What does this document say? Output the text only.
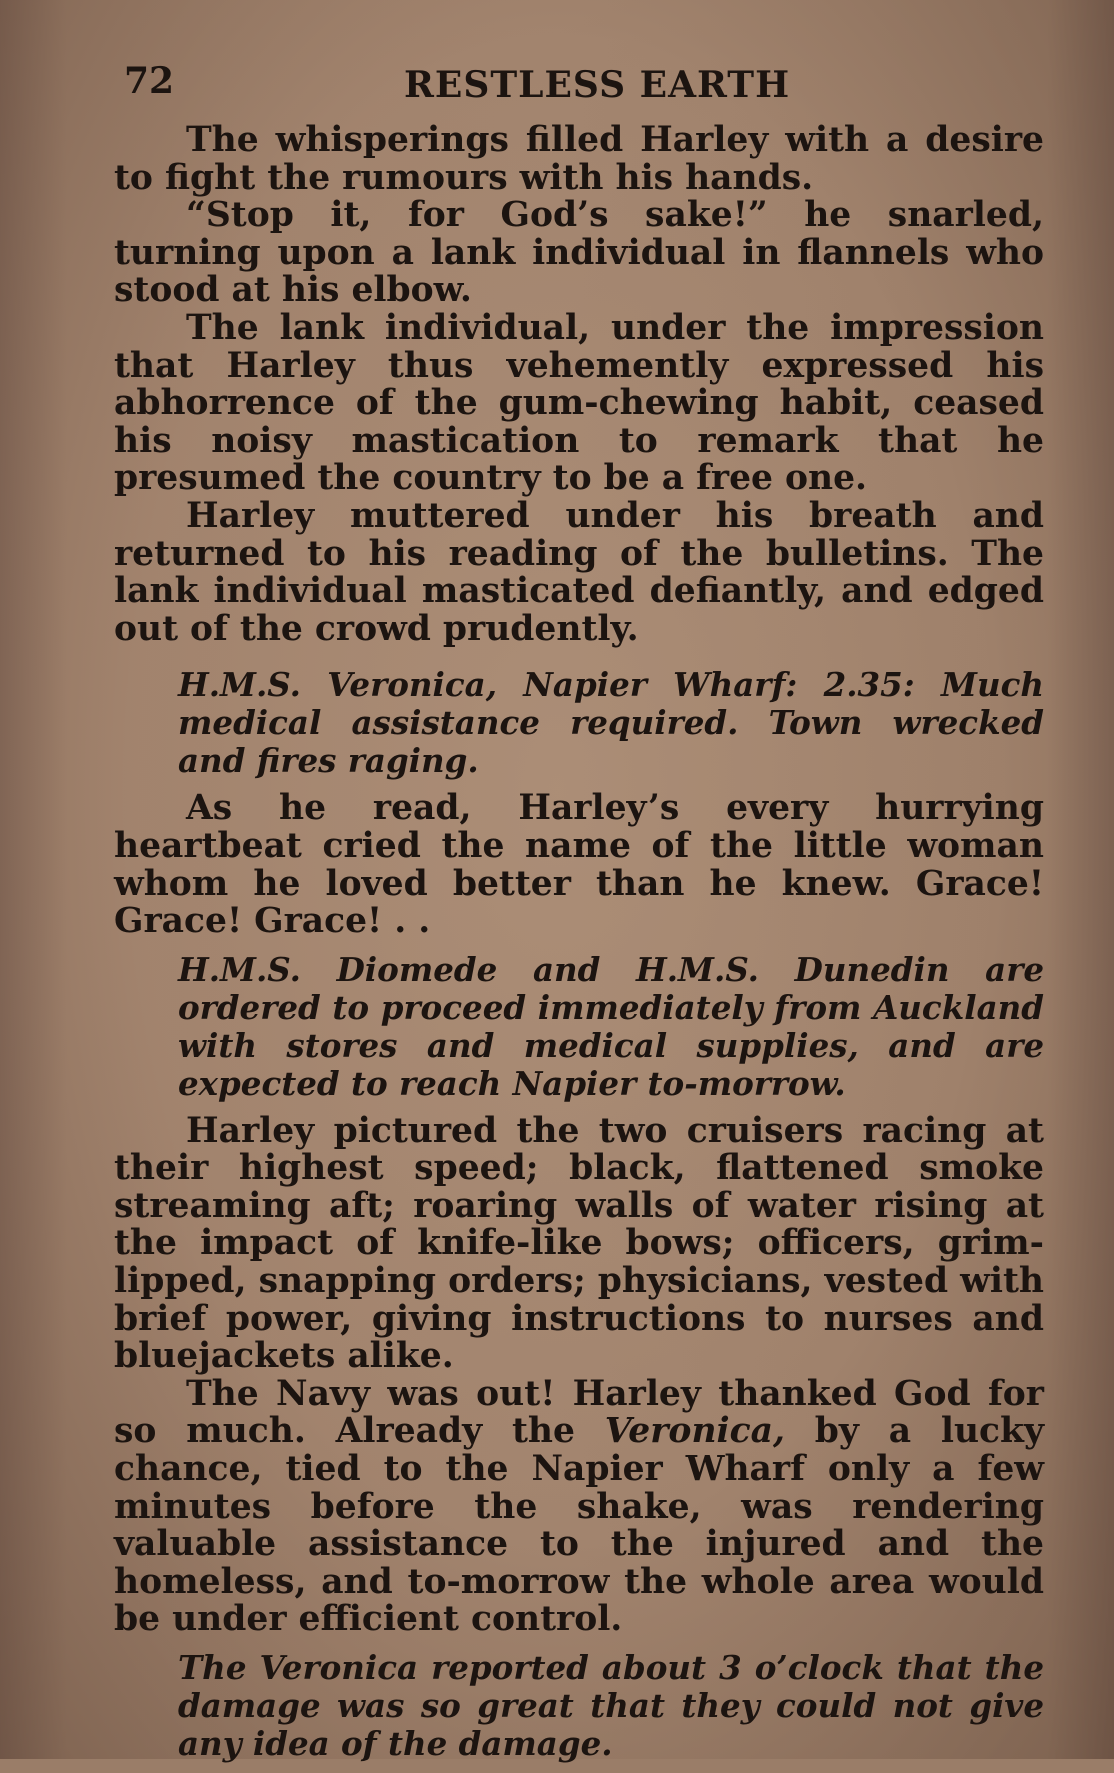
72	RESTLESS EARTH

The whisperings filled Harley with a desire to fight the rumours with his hands.

“Stop it, for God’s sake!” he snarled, turning upon a lank individual in flannels who stood at his elbow.

The lank individual, under the impression that Harley thus vehemently expressed his abhorrence of the gum-chewing habit, ceased his noisy mastication to remark that he presumed the country to be a free one.

Harley muttered under his breath and returned to his reading of the bulletins. The lank individual masticated defiantly, and edged out of the crowd prudently.

H.M.S. Veronica, Napier Wharf: 2.35: Much medical assistance required. Town wrecked and fires raging.

As he read, Harley’s every hurrying heartbeat cried the name of the little woman whom he loved better than he knew. Grace! Grace! Grace! . .

H.M.S. Diomede and H.M.S. Dunedin are ordered to proceed immediately from Auckland with stores and medical supplies, and are expected to reach Napier to-morrow.

Harley pictured the two cruisers racing at their highest speed; black, flattened smoke streaming aft; roaring walls of water rising at the impact of knife-like bows; officers, grim-lipped, snapping orders; physicians, vested with brief power, giving instructions to nurses and bluejackets alike.

The Navy was out! Harley thanked God for so much. Already the Veronica, by a lucky chance, tied to the Napier Wharf only a few minutes before the shake, was rendering valuable assistance to the injured and the homeless, and to-morrow the whole area would be under efficient control.

The Veronica reported about 3 o’clock that the damage was so great that they could not give any idea of the damage.
